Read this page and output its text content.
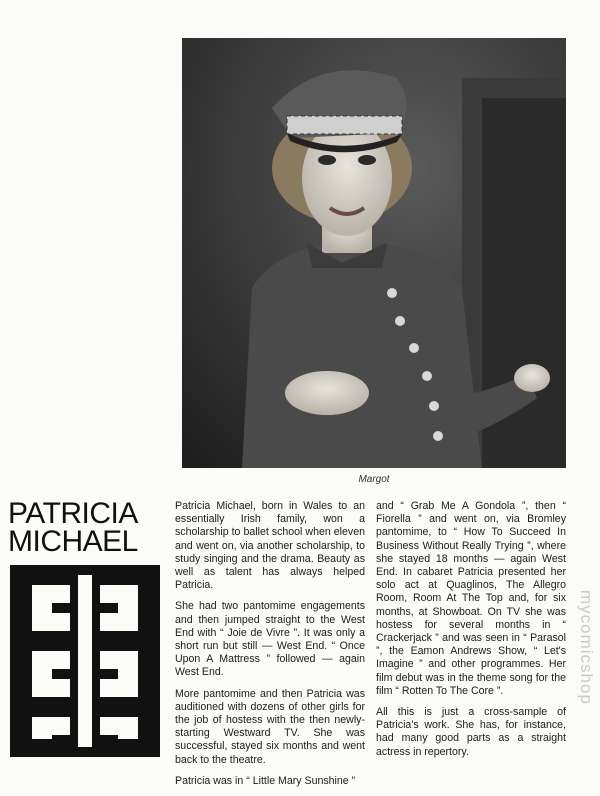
Margot
PATRICIA
MICHAEL

Patricia Michael, born in Wales to an essentially Irish family, won a scholarship to ballet school when eleven and went on, via another scholarship, to study singing and the drama. Beauty as well as talent has always helped Patricia.

She had two pantomime engagements and then jumped straight to the West End with “ Joie de Vivre ”. It was only a short run but still — West End. “ Once Upon A Mattress ” followed — again West End.

More pantomime and then Patricia was auditioned with dozens of other girls for the job of hostess with the then newly-starting Westward TV. She was successful, stayed six months and went back to the theatre.

Patricia was in “ Little Mary Sunshine ”

and “ Grab Me A Gondola ”, then “ Fiorella ” and went on, via Bromley pantomime, to “ How To Succeed In Business Without Really Trying ”, where she stayed 18 months — again West End. In cabaret Patricia presented her solo act at Quaglinos, The Allegro Room, Room At The Top and, for six months, at Showboat. On TV she was hostess for several months in “ Crackerjack ” and was seen in “ Parasol ”, the Eamon Andrews Show, “ Let's Imagine ” and other programmes. Her film debut was in the theme song for the film “ Rotten To The Core ”.

All this is just a cross-sample of Patricia's work. She has, for instance, had many good parts as a straight actress in repertory.

mycomicshop
